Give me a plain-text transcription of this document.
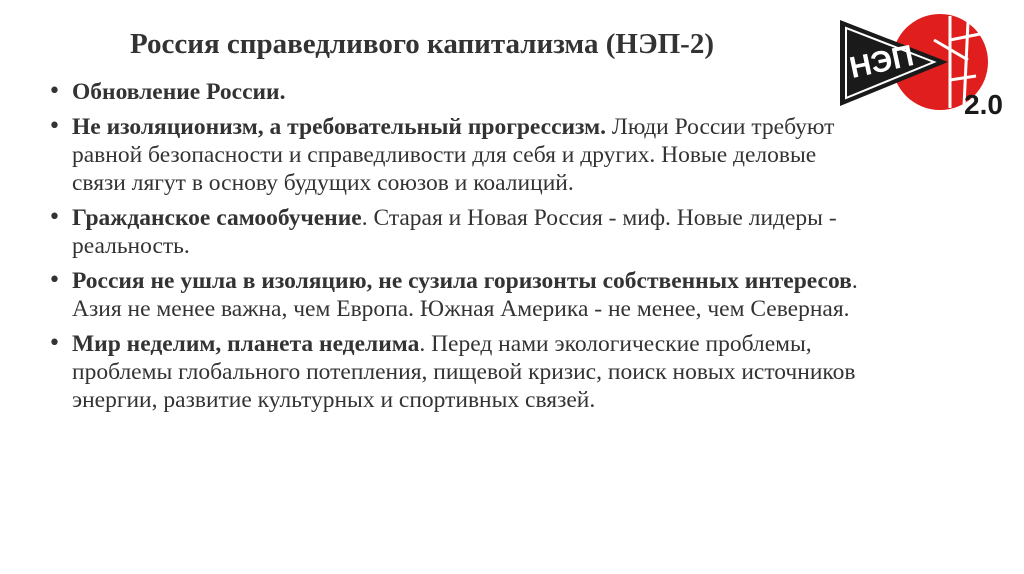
Россия справедливого капитализма (НЭП-2)	НЭП
2.0
• Обновление России.
• Не изоляционизм, а требовательный прогрессизм. Люди России требуют равной безопасности и справедливости для себя и других. Новые деловые связи лягут в основу будущих союзов и коалиций.
• Гражданское самообучение. Старая и Новая Россия - миф. Новые лидеры - реальность.
• Россия не ушла в изоляцию, не сузила горизонты собственных интересов. Азия не менее важна, чем Европа. Южная Америка - не менее, чем Северная.
• Мир неделим, планета неделима. Перед нами экологические проблемы, проблемы глобального потепления, пищевой кризис, поиск новых источников энергии, развитие культурных и спортивных связей.
